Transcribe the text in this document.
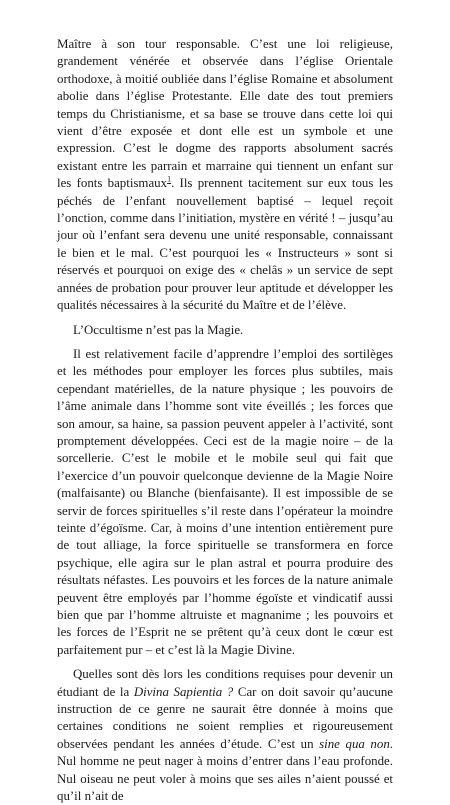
Maître à son tour responsable. C’est une loi religieuse, grandement vénérée et observée dans l’église Orientale orthodoxe, à moitié oubliée dans l’église Romaine et absolument abolie dans l’église Protestante. Elle date des tout premiers temps du Christianisme, et sa base se trouve dans cette loi qui vient d’être exposée et dont elle est un symbole et une expression. C’est le dogme des rapports absolument sacrés existant entre les parrain et marraine qui tiennent un enfant sur les fonts baptismaux$^1$. Ils prennent tacitement sur eux tous les péchés de l’enfant nouvellement baptisé – lequel reçoit l’onction, comme dans l’initiation, mystère en vérité ! – jusqu’au jour où l’enfant sera devenu une unité responsable, connaissant le bien et le mal. C’est pourquoi les « Instructeurs » sont si réservés et pourquoi on exige des « chelâs » un service de sept années de probation pour prouver leur aptitude et développer les qualités nécessaires à la sécurité du Maître et de l’élève.

L’Occultisme n’est pas la Magie.

Il est relativement facile d’apprendre l’emploi des sortilèges et les méthodes pour employer les forces plus subtiles, mais cependant matérielles, de la nature physique ; les pouvoirs de l’âme animale dans l’homme sont vite éveillés ; les forces que son amour, sa haine, sa passion peuvent appeler à l’activité, sont promptement développées. Ceci est de la magie noire – de la sorcellerie. C’est le mobile et le mobile seul qui fait que l’exercice d’un pouvoir quelconque devienne de la Magie Noire (malfaisante) ou Blanche (bienfaisante). Il est impossible de se servir de forces spirituelles s’il reste dans l’opérateur la moindre teinte d’égoïsme. Car, à moins d’une intention entièrement pure de tout alliage, la force spirituelle se transformera en force psychique, elle agira sur le plan astral et pourra produire des résultats néfastes. Les pouvoirs et les forces de la nature animale peuvent être employés par l’homme égoïste et vindicatif aussi bien que par l’homme altruiste et magnanime ; les pouvoirs et les forces de l’Esprit ne se prêtent qu’à ceux dont le cœur est parfaitement pur – et c’est là la Magie Divine.

Quelles sont dès lors les conditions requises pour devenir un étudiant de la Divina Sapientia ? Car on doit savoir qu’aucune instruction de ce genre ne saurait être donnée à moins que certaines conditions ne soient remplies et rigoureusement observées pendant les années d’étude. C’est un sine qua non. Nul homme ne peut nager à moins d’entrer dans l’eau profonde. Nul oiseau ne peut voler à moins que ses ailes n’aient poussé et qu’il n’ait de
